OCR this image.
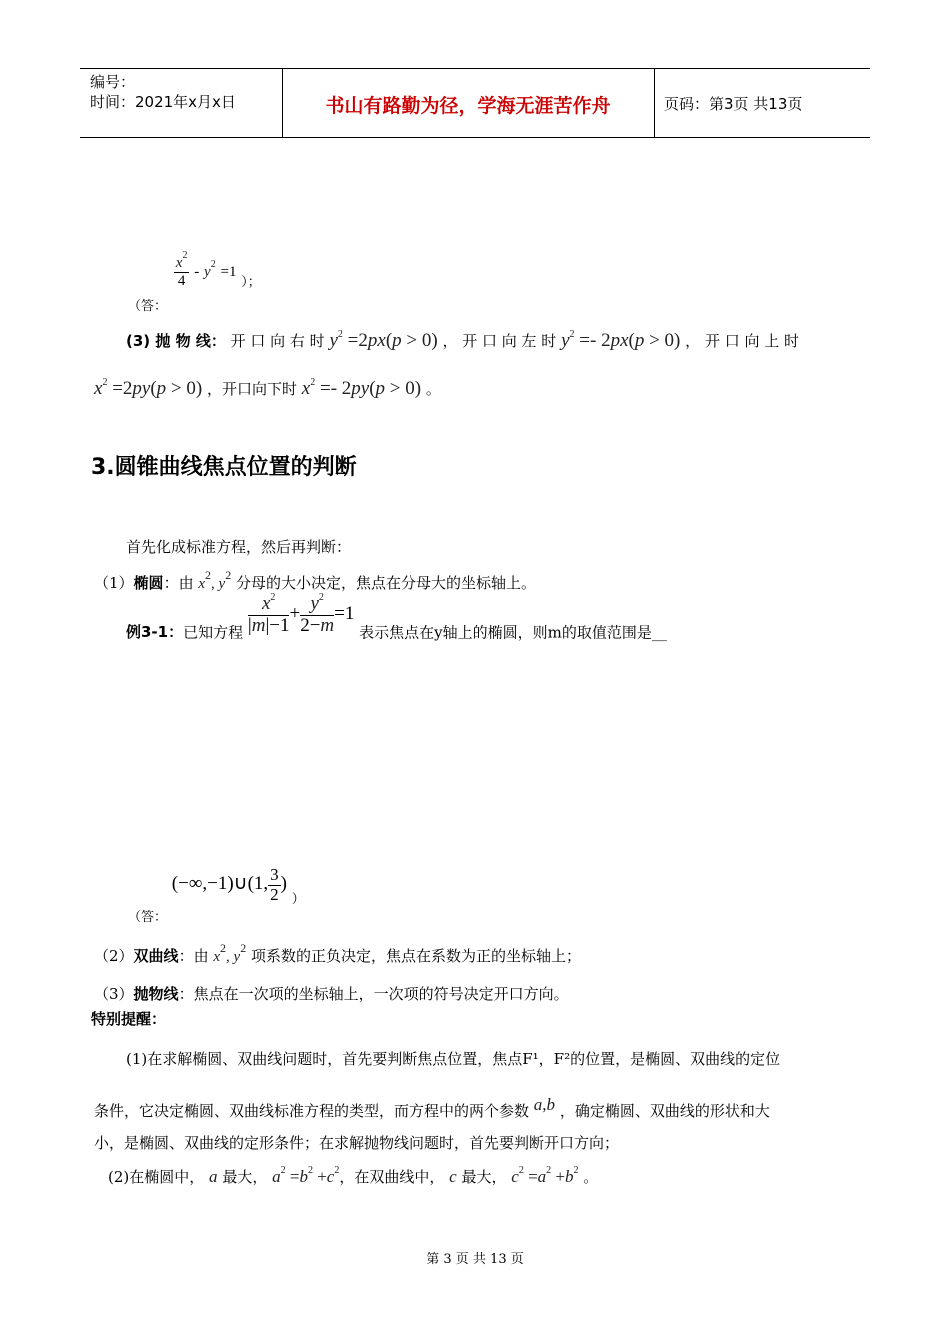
编号：
时间：2021年x月x日	书山有路勤为径，学海无涯苦作舟	页码：第3页 共13页
（答：
$\frac{x^2}{4} - y^2 =1$ ）；
(3) 抛 物 线： 开 口 向 右 时 $y^2 =2px(p > 0)$ ， 开 口 向 左 时 $y^2 =- 2px(p > 0)$ ， 开 口 向 上 时
$x^2 =2py(p > 0)$ ，开口向下时 $x^2 =- 2py(p > 0)$ 。
3.圆锥曲线焦点位置的判断
首先化成标准方程，然后再判断：
（1）椭圆：由 $x^2$, $y^2$ 分母的大小决定，焦点在分母大的坐标轴上。
例3-1：已知方程 $\frac{x^2}{|m|-1} + \frac{y^2}{2-m} =1$ 表示焦点在y轴上的椭圆，则m的取值范围是__
（答： (−∞,−1)∪(1, $\frac{3}{2}$ ) ）
（2）双曲线：由 $x^2$, $y^2$ 项系数的正负决定，焦点在系数为正的坐标轴上；
（3）抛物线：焦点在一次项的坐标轴上，一次项的符号决定开口方向。
特别提醒：
(1)在求解椭圆、双曲线问题时，首先要判断焦点位置，焦点F¹，F²的位置，是椭圆、双曲线的定位
条件，它决定椭圆、双曲线标准方程的类型，而方程中的两个参数 a,b ，确定椭圆、双曲线的形状和大
小，是椭圆、双曲线的定形条件；在求解抛物线问题时，首先要判断开口方向；
(2)在椭圆中， a 最大， $a^2 =b^2 +c^2$，在双曲线中， c 最大， $c^2 =a^2 +b^2$ 。
第 3 页 共 13 页
